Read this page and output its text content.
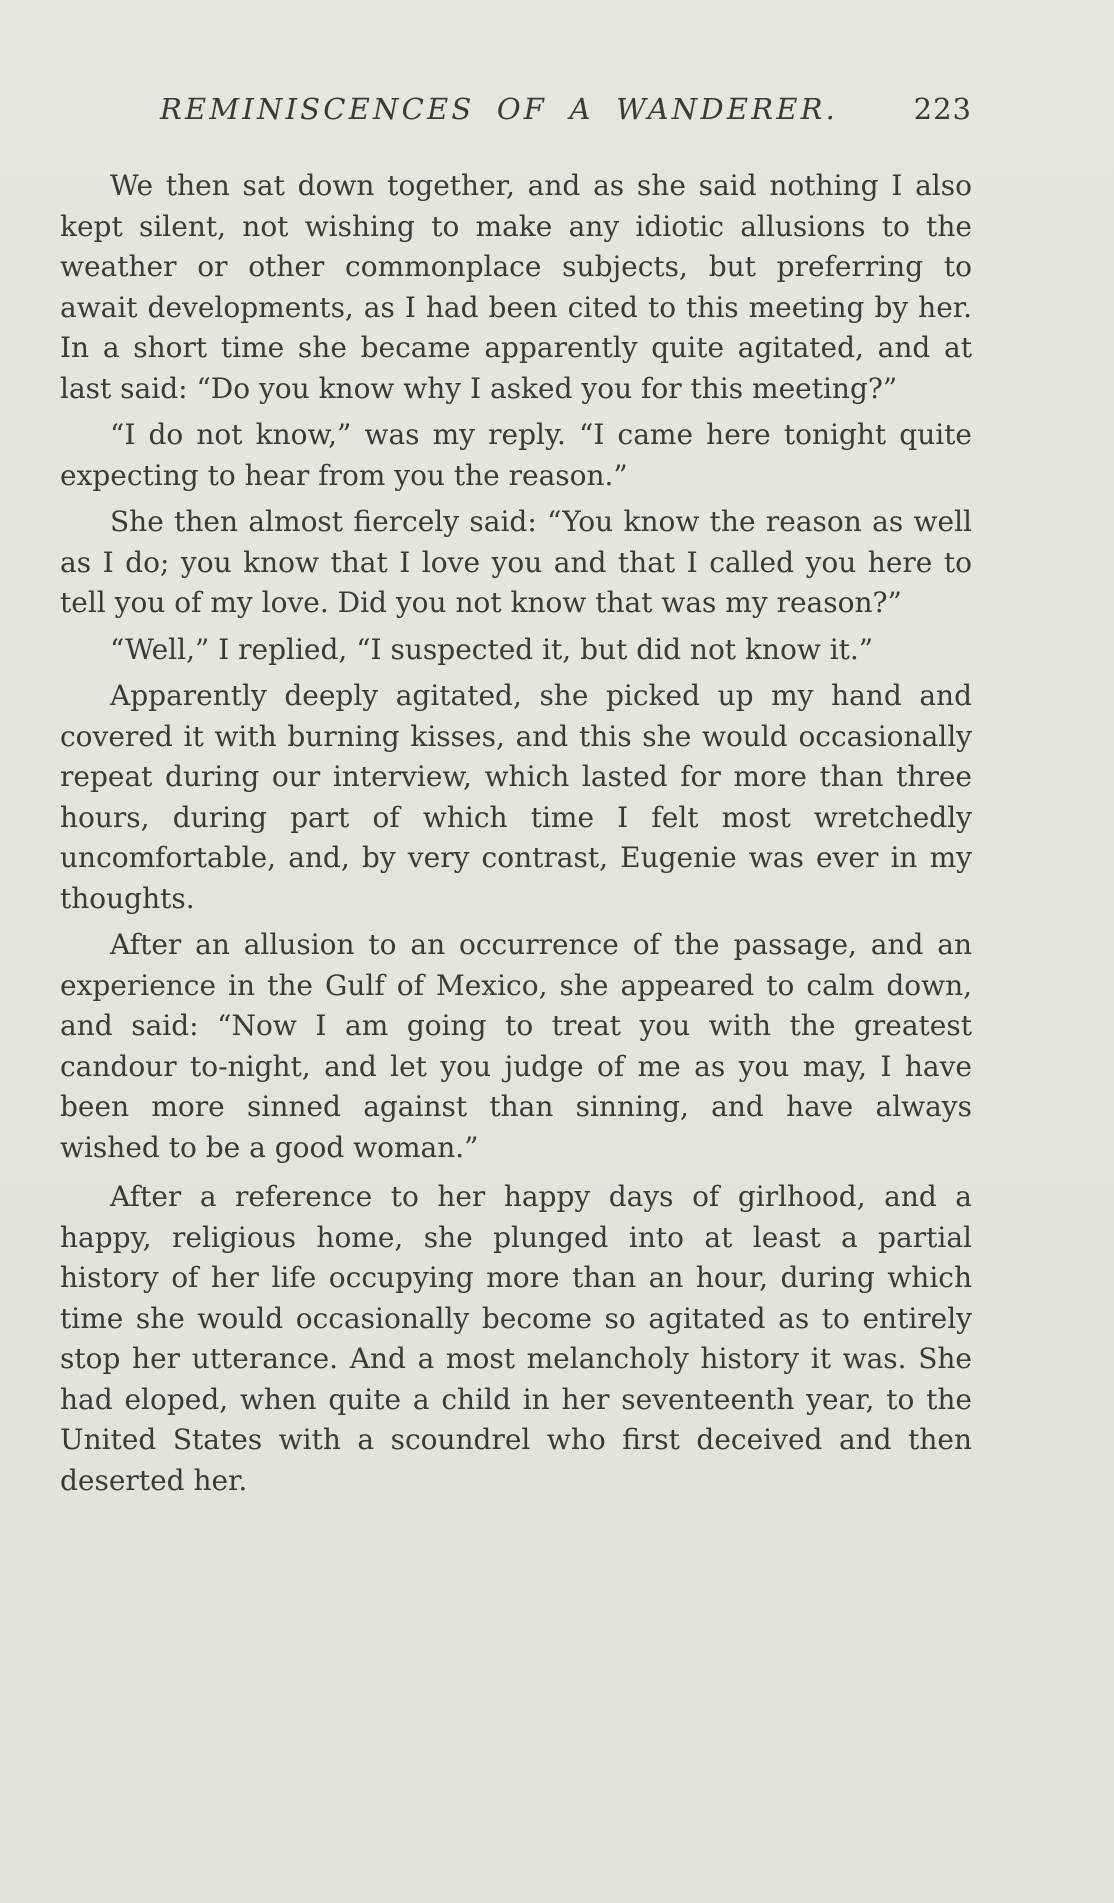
REMINISCENCES OF A WANDERER.	223

We then sat down together, and as she said nothing I also kept silent, not wishing to make any idiotic allusions to the weather or other commonplace subjects, but preferring to await developments, as I had been cited to this meeting by her. In a short time she became apparently quite agitated, and at last said: “Do you know why I asked you for this meeting?”

“I do not know,” was my reply. “I came here tonight quite expecting to hear from you the reason.”

She then almost fiercely said: “You know the reason as well as I do; you know that I love you and that I called you here to tell you of my love. Did you not know that was my reason?”

“Well,” I replied, “I suspected it, but did not know it.”

Apparently deeply agitated, she picked up my hand and covered it with burning kisses, and this she would occasionally repeat during our interview, which lasted for more than three hours, during part of which time I felt most wretchedly uncomfortable, and, by very contrast, Eugenie was ever in my thoughts.

After an allusion to an occurrence of the passage, and an experience in the Gulf of Mexico, she appeared to calm down, and said: “Now I am going to treat you with the greatest candour to-night, and let you judge of me as you may, I have been more sinned against than sinning, and have always wished to be a good woman.”

After a reference to her happy days of girlhood, and a happy, religious home, she plunged into at least a partial history of her life occupying more than an hour, during which time she would occasionally become so agitated as to entirely stop her utterance. And a most melancholy history it was. She had eloped, when quite a child in her seventeenth year, to the United States with a scoundrel who first deceived and then deserted her.
